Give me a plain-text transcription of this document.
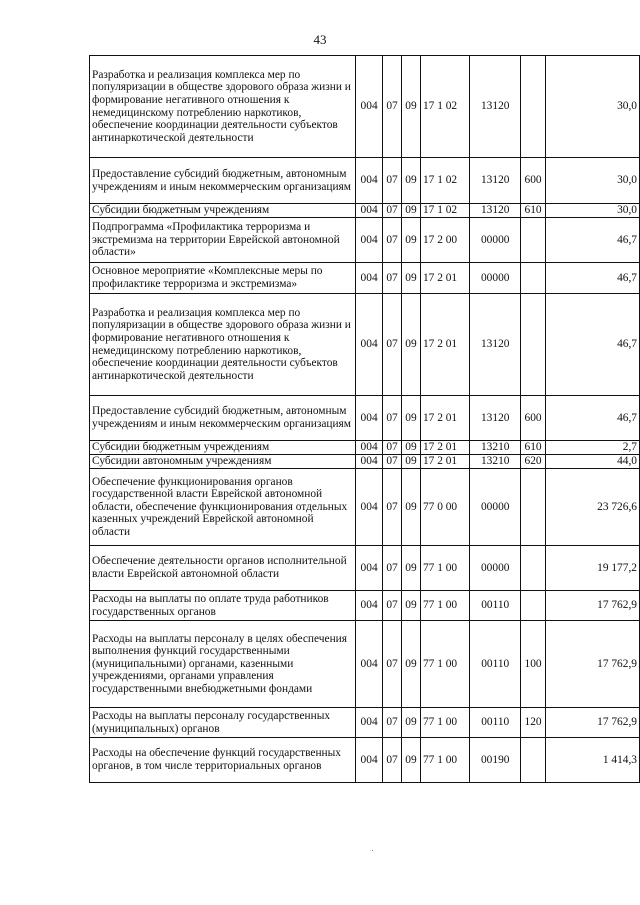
43
Разработка и реализация комплекса мер по популяризации в обществе здорового образа жизни и формирование негативного отношения к немедицинскому потреблению наркотиков, обеспечение координации деятельности субъектов антинаркотической деятельности	004	07	09	17 1 02	13120		30,0
Предоставление субсидий бюджетным, автономным учреждениям и иным некоммерческим организациям	004	07	09	17 1 02	13120	600	30,0
Субсидии бюджетным учреждениям	004	07	09	17 1 02	13120	610	30,0
Подпрограмма «Профилактика терроризма и экстремизма на территории Еврейской автономной области»	004	07	09	17 2 00	00000		46,7
Основное мероприятие «Комплексные меры по профилактике терроризма и экстремизма»	004	07	09	17 2 01	00000		46,7
Разработка и реализация комплекса мер по популяризации в обществе здорового образа жизни и формирование негативного отношения к немедицинскому потреблению наркотиков, обеспечение координации деятельности субъектов антинаркотической деятельности	004	07	09	17 2 01	13120		46,7
Предоставление субсидий бюджетным, автономным учреждениям и иным некоммерческим организациям	004	07	09	17 2 01	13120	600	46,7
Субсидии бюджетным учреждениям	004	07	09	17 2 01	13210	610	2,7
Субсидии автономным учреждениям	004	07	09	17 2 01	13210	620	44,0
Обеспечение функционирования органов государственной власти Еврейской автономной области, обеспечение функционирования отдельных казенных учреждений Еврейской автономной области	004	07	09	77 0 00	00000		23 726,6
Обеспечение деятельности органов исполнительной власти Еврейской автономной области	004	07	09	77 1 00	00000		19 177,2
Расходы на выплаты по оплате труда работников государственных органов	004	07	09	77 1 00	00110		17 762,9
Расходы на выплаты персоналу в целях обеспечения выполнения функций государственными (муниципальными) органами, казенными учреждениями, органами управления государственными внебюджетными фондами	004	07	09	77 1 00	00110	100	17 762,9
Расходы на выплаты персоналу государственных (муниципальных) органов	004	07	09	77 1 00	00110	120	17 762,9
Расходы на обеспечение функций государственных органов, в том числе территориальных органов	004	07	09	77 1 00	00190		1 414,3
